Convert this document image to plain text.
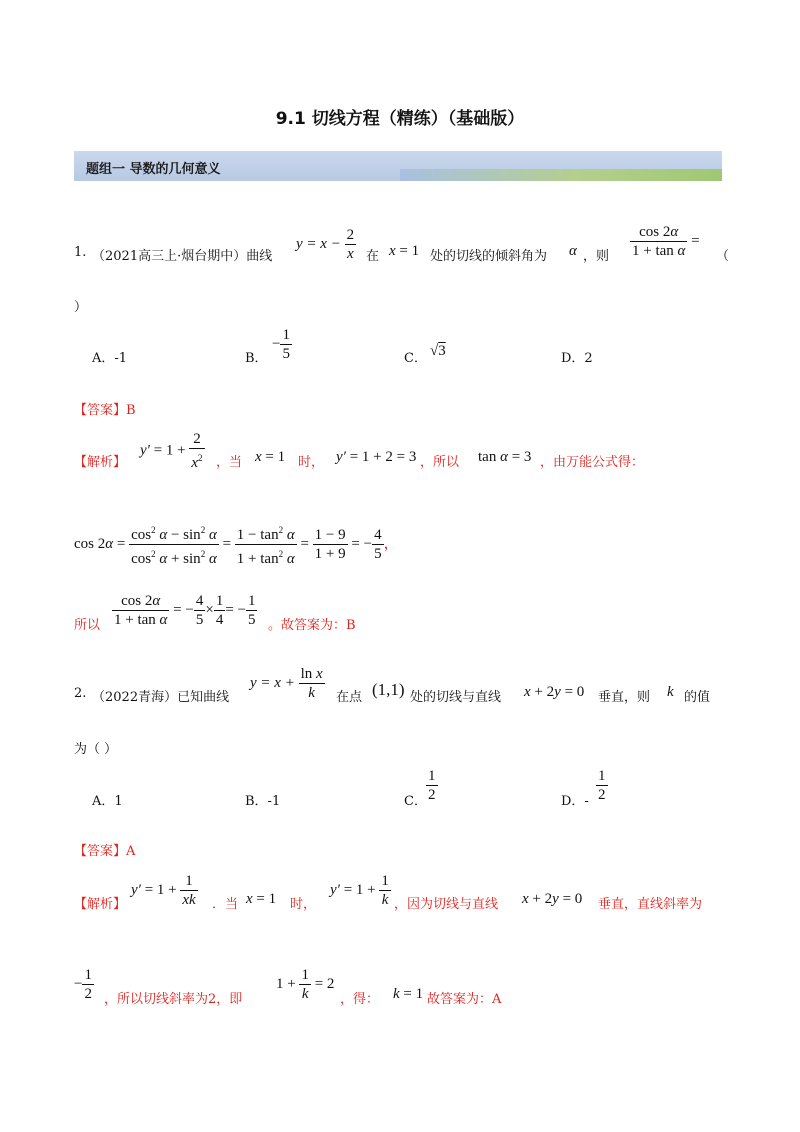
9.1 切线方程（精练）（基础版）
题组一 导数的几何意义
1. （2021高三上·烟台期中）曲线
$y = x - \frac{2}{x}$ 在 x = 1 处的切线的倾斜角为 α ，则 $\frac{\cos 2\alpha}{\text{1 + tan α}}$ =
（
）
A．-1	B．
− $\frac{1}{5}$	C． √3	D．2
【答案】B
【解析】
$y' = 1 + \frac{2}{x^2}$ ，当 x = 1 时， y′ = 1 + 2 = 3 ，所以 tan α = 3 ，由万能公式得：
$\cos 2\alpha = \frac{\cos^2 \alpha - \sin^2 \alpha}{\cos^2 \alpha + \sin^2 \alpha} = \frac{1 - \tan^2 \alpha}{1 + \tan^2 \alpha} = \frac{1 - 9}{1 + 9}$ = − $\frac{4}{5}$ ，
所以 $\frac{\cos 2\alpha}{\text{1 + tan α}}$ = − $\frac{4}{5} \times \frac{1}{4}$ = − $\frac{1}{5}$ 。故答案为：B
2. （2022青海）已知曲线
$y = x + \frac{\text{ln x}}{k}$ 在点 (1,1) 处的切线与直线 x + 2y = 0 垂直，则 k 的值
为（ ）
A．1	B．-1	C． $\frac{1}{2}$	D．- $\frac{1}{2}$
【答案】A
【解析】
$y' = 1 + \frac{1}{xk}$ ．当 x = 1 时，
$y' = 1 + \frac{1}{k}$ ，因为切线与直线 x + 2y = 0 垂直，直线斜率为
− $\frac{1}{2}$ ，所以切线斜率为2，即
$1 + \frac{1}{k} = 2$
，得： k = 1 故答案为：A
